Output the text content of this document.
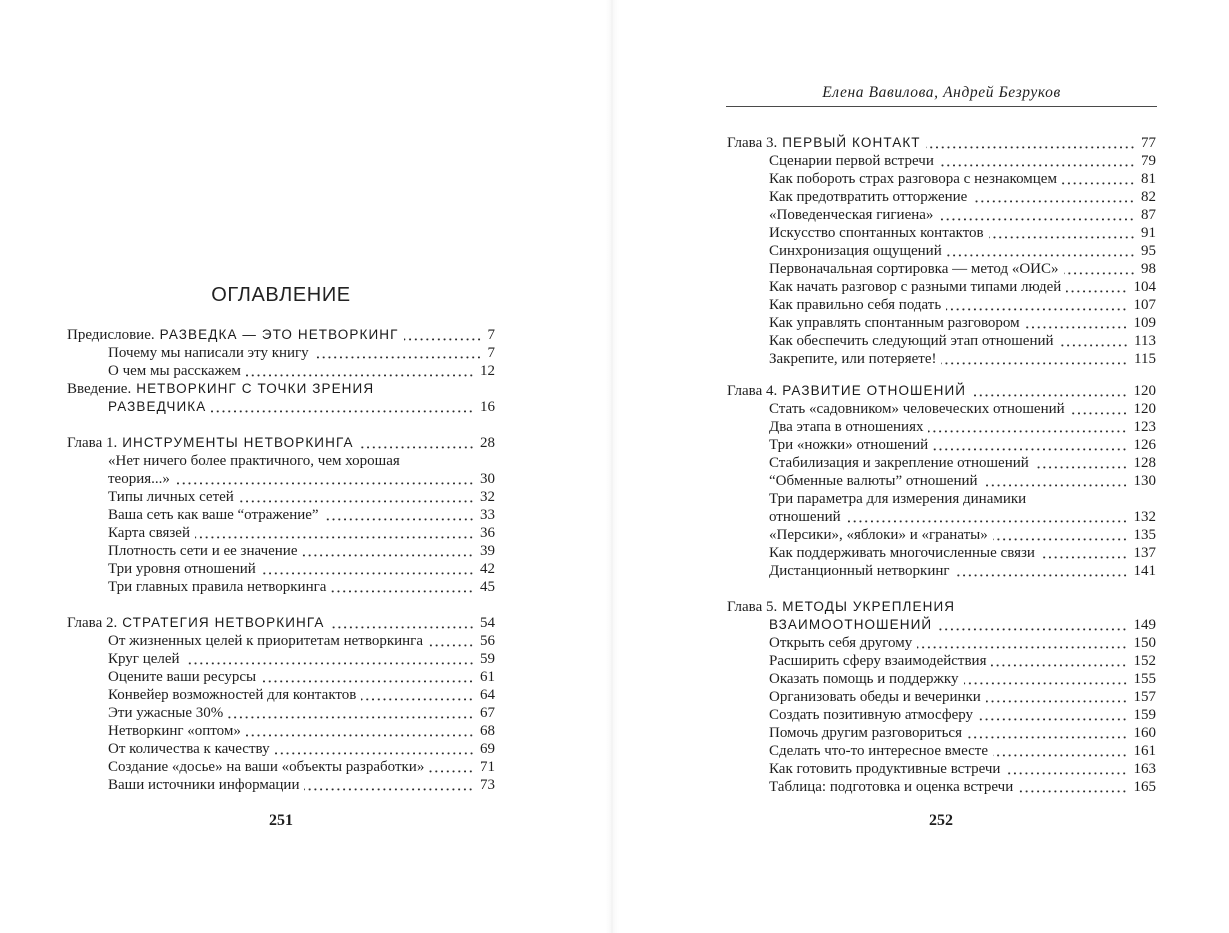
ОГЛАВЛЕНИЕ
Предисловие. РАЗВЕДКА — ЭТО НЕТВОРКИНГ	7
Почему мы написали эту книгу	7
О чем мы расскажем	12
Введение. НЕТВОРКИНГ С ТОЧКИ ЗРЕНИЯ
РАЗВЕДЧИКА	16
Глава 1. ИНСТРУМЕНТЫ НЕТВОРКИНГА	28
«Нет ничего более практичного, чем хорошая
теория...»	30
Типы личных сетей	32
Ваша сеть как ваше “отражение”	33
Карта связей	36
Плотность сети и ее значение	39
Три уровня отношений	42
Три главных правила нетворкинга	45
Глава 2. СТРАТЕГИЯ НЕТВОРКИНГА	54
От жизненных целей к приоритетам нетворкинга	56
Круг целей	59
Оцените ваши ресурсы	61
Конвейер возможностей для контактов	64
Эти ужасные 30%	67
Нетворкинг «оптом»	68
От количества к качеству	69
Создание «досье» на ваши «объекты разработки»	71
Ваши источники информации	73
251
Елена Вавилова, Андрей Безруков
Глава 3. ПЕРВЫЙ КОНТАКТ	77
Сценарии первой встречи	79
Как побороть страх разговора с незнакомцем	81
Как предотвратить отторжение	82
«Поведенческая гигиена»	87
Искусство спонтанных контактов	91
Синхронизация ощущений	95
Первоначальная сортировка — метод «ОИС»	98
Как начать разговор с разными типами людей	104
Как правильно себя подать	107
Как управлять спонтанным разговором	109
Как обеспечить следующий этап отношений	113
Закрепите, или потеряете!	115
Глава 4. РАЗВИТИЕ ОТНОШЕНИЙ	120
Стать «садовником» человеческих отношений	120
Два этапа в отношениях	123
Три «ножки» отношений	126
Стабилизация и закрепление отношений	128
“Обменные валюты” отношений	130
Три параметра для измерения динамики
отношений	132
«Персики», «яблоки» и «гранаты»	135
Как поддерживать многочисленные связи	137
Дистанционный нетворкинг	141
Глава 5. МЕТОДЫ УКРЕПЛЕНИЯ
ВЗАИМООТНОШЕНИЙ	149
Открыть себя другому	150
Расширить сферу взаимодействия	152
Оказать помощь и поддержку	155
Организовать обеды и вечеринки	157
Создать позитивную атмосферу	159
Помочь другим разговориться	160
Сделать что-то интересное вместе	161
Как готовить продуктивные встречи	163
Таблица: подготовка и оценка встречи	165
252
